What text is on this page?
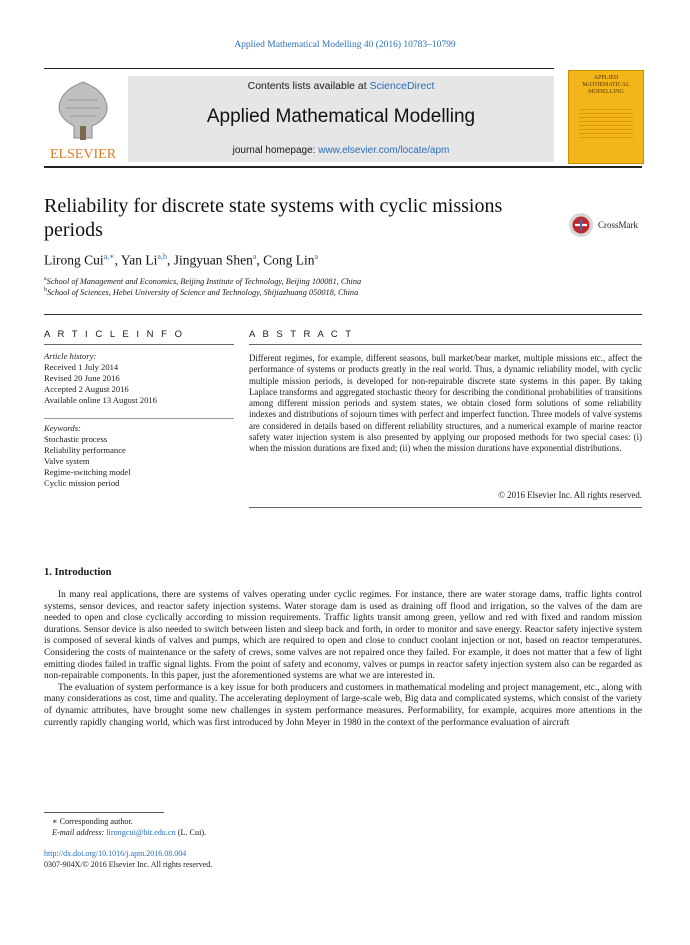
Applied Mathematical Modelling 40 (2016) 10783–10799
ELSEVIER
Contents lists available at ScienceDirect
Applied Mathematical Modelling
journal homepage: www.elsevier.com/locate/apm
APPLIED MATHEMATICAL MODELLING
Reliability for discrete state systems with cyclic missions
periods	CrossMark
Lirong Cui$^{a,∗}$, Yan Li$^{a,b}$, Jingyuan Shen$^a$, Cong Lin$^a$
$^a$School of Management and Economics, Beijing Institute of Technology, Beijing 100081, China
$^b$School of Sciences, Hebei University of Science and Technology, Shijiazhuang 050018, China
A R T I C L E I N F O	A B S T R A C T
Article history:
Received 1 July 2014
Revised 20 June 2016
Accepted 2 August 2016
Available online 13 August 2016
Keywords:
Stochastic process
Reliability performance
Valve system
Regime-switching model
Cyclic mission period
Different regimes, for example, different seasons, bull market/bear market, multiple missions etc., affect the performance of systems or products greatly in the real world. Thus, a dynamic reliability model, with cyclic multiple mission periods, is developed for non-repairable discrete state systems in this paper. By taking Laplace transforms and aggregated stochastic theory for describing the conditional probabilities of transitions among different mission periods and system states, we obtain closed form solutions of some reliability indexes and distributions of sojourn times with perfect and imperfect function. Three models of valve systems are considered in details based on different reliability structures, and a numerical example of marine reactor safety water injection system is also presented by applying our proposed methods for two special cases: (i) when the mission durations are fixed and; (ii) when the mission durations have exponential distributions.
© 2016 Elsevier Inc. All rights reserved.
1. Introduction

In many real applications, there are systems of valves operating under cyclic regimes. For instance, there are water storage dams, traffic lights control systems, sensor devices, and reactor safety injection systems. Water storage dam is used as draining off flood and irrigation, so the valves of the dam are needed to open and close cyclically according to mission requirements. Traffic lights transit among green, yellow and red with fixed and random mission durations. Sensor device is also needed to switch between listen and sleep back and forth, in order to monitor and save energy. Reactor safety injective system is composed of several kinds of valves and pumps, which are required to open and close to conduct coolant injection or not, based on reactor temperatures. Considering the costs of maintenance or the safety of crews, some valves are not repaired once they failed. For example, it does not matter that a few of light emitting diodes failed in traffic signal lights. From the point of safety and economy, valves or pumps in reactor safety injection system also can be regarded as non-repairable components. In this paper, just the aforementioned systems are what we are interested in.

The evaluation of system performance is a key issue for both producers and customers in mathematical modeling and project management, etc., along with many considerations as cost, time and quality. The accelerating deployment of large-scale web, Big data and complicated systems, which consist of the variety of dynamic attributes, have brought some new challenges in system performance measures. Performability, for example, acquires more attentions in the currently rapidly changing world, which was first introduced by John Meyer in 1980 in the context of the performance evaluation of aircraft

∗ Corresponding author.
E-mail address: lirongcui@bit.edu.cn (L. Cui).
http://dx.doi.org/10.1016/j.apm.2016.08.004
0307-904X/© 2016 Elsevier Inc. All rights reserved.
